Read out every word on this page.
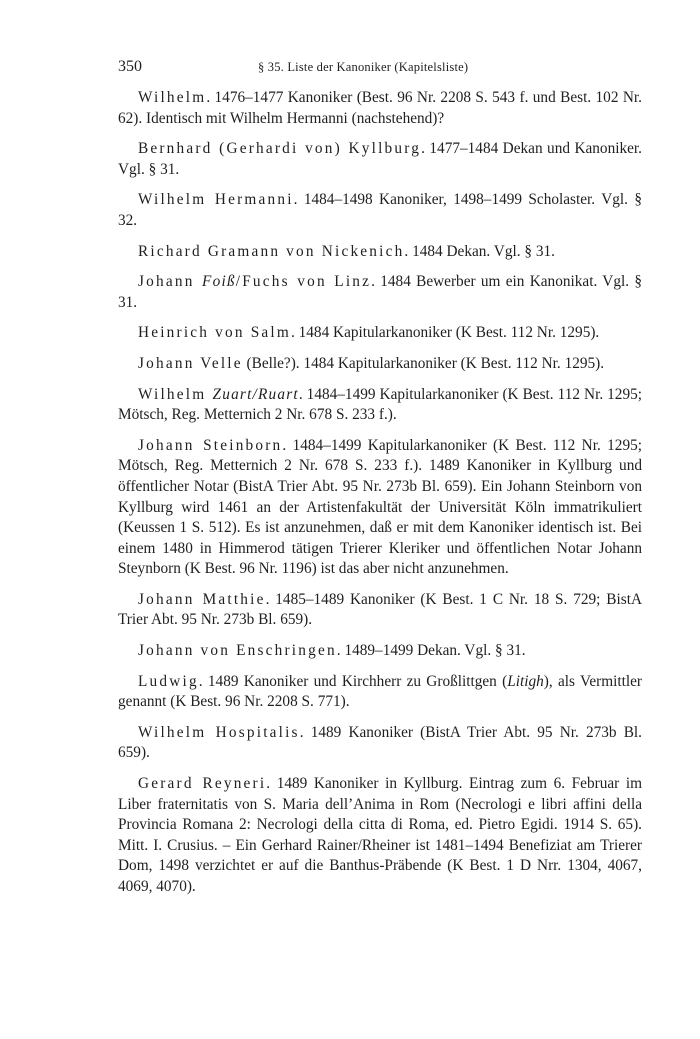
350	§ 35. Liste der Kanoniker (Kapitelsliste)

Wilhelm. 1476–1477 Kanoniker (Best. 96 Nr. 2208 S. 543 f. und Best. 102 Nr. 62). Identisch mit Wilhelm Hermanni (nachstehend)?

Bernhard (Gerhardi von) Kyllburg. 1477–1484 Dekan und Kanoniker. Vgl. § 31.

Wilhelm Hermanni. 1484–1498 Kanoniker, 1498–1499 Scholaster. Vgl. § 32.

Richard Gramann von Nickenich. 1484 Dekan. Vgl. § 31.

Johann Foiß/Fuchs von Linz. 1484 Bewerber um ein Kanonikat. Vgl. § 31.

Heinrich von Salm. 1484 Kapitularkanoniker (K Best. 112 Nr. 1295).

Johann Velle (Belle?). 1484 Kapitularkanoniker (K Best. 112 Nr. 1295).

Wilhelm Zuart/Ruart. 1484–1499 Kapitularkanoniker (K Best. 112 Nr. 1295; Mötsch, Reg. Metternich 2 Nr. 678 S. 233 f.).

Johann Steinborn. 1484–1499 Kapitularkanoniker (K Best. 112 Nr. 1295; Mötsch, Reg. Metternich 2 Nr. 678 S. 233 f.). 1489 Kanoniker in Kyllburg und öffentlicher Notar (BistA Trier Abt. 95 Nr. 273b Bl. 659). Ein Johann Steinborn von Kyllburg wird 1461 an der Artistenfakultät der Universität Köln immatrikuliert (Keussen 1 S. 512). Es ist anzunehmen, daß er mit dem Kanoniker identisch ist. Bei einem 1480 in Himmerod tätigen Trierer Kleriker und öffentlichen Notar Johann Steynborn (K Best. 96 Nr. 1196) ist das aber nicht anzunehmen.

Johann Matthie. 1485–1489 Kanoniker (K Best. 1 C Nr. 18 S. 729; BistA Trier Abt. 95 Nr. 273b Bl. 659).

Johann von Enschringen. 1489–1499 Dekan. Vgl. § 31.

Ludwig. 1489 Kanoniker und Kirchherr zu Großlittgen (Litigh), als Vermittler genannt (K Best. 96 Nr. 2208 S. 771).

Wilhelm Hospitalis. 1489 Kanoniker (BistA Trier Abt. 95 Nr. 273b Bl. 659).

Gerard Reyneri. 1489 Kanoniker in Kyllburg. Eintrag zum 6. Februar im Liber fraternitatis von S. Maria dell’Anima in Rom (Necrologi e libri affini della Provincia Romana 2: Necrologi della citta di Roma, ed. Pietro Egidi. 1914 S. 65). Mitt. I. Crusius. – Ein Gerhard Rainer/Rheiner ist 1481–1494 Benefiziat am Trierer Dom, 1498 verzichtet er auf die Banthus-Präbende (K Best. 1 D Nrr. 1304, 4067, 4069, 4070).
